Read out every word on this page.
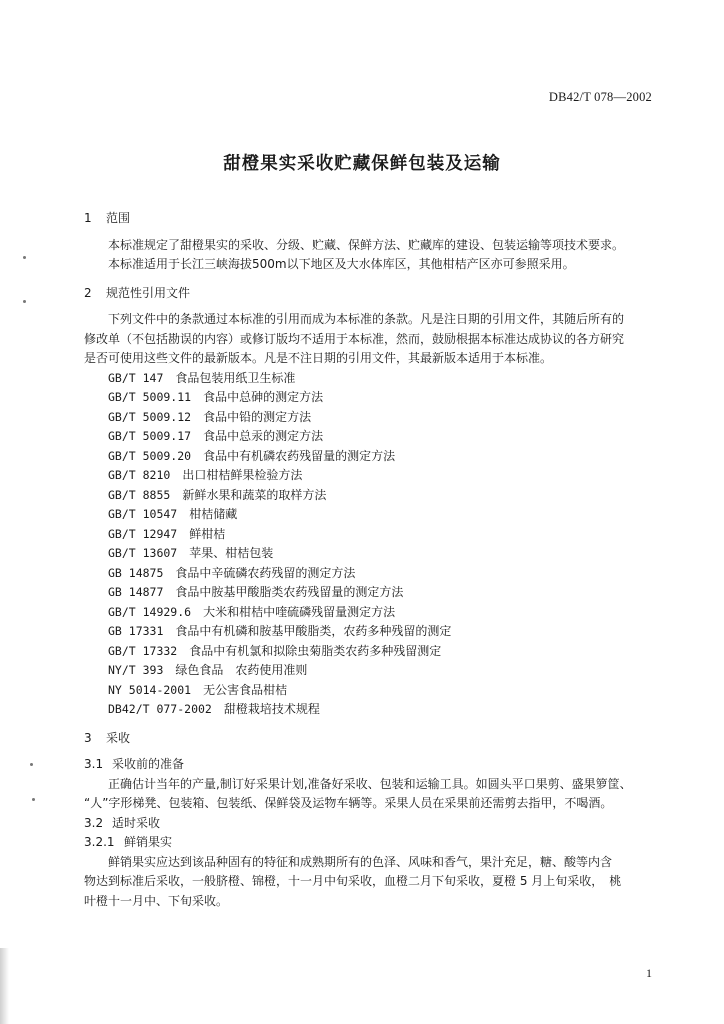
DB42/T 078—2002
甜橙果实采收贮藏保鲜包装及运输

1 范围

本标准规定了甜橙果实的采收、分级、贮藏、保鲜方法、贮藏库的建设、包装运输等项技术要求。

本标准适用于长江三峡海拔500m以下地区及大水体库区，其他柑桔产区亦可参照采用。

2 规范性引用文件

下列文件中的条款通过本标准的引用而成为本标准的条款。凡是注日期的引用文件，其随后所有的

修改单（不包括勘误的内容）或修订版均不适用于本标准，然而，鼓励根据本标准达成协议的各方研究

是否可使用这些文件的最新版本。凡是不注日期的引用文件，其最新版本适用于本标准。

GB/T 147　 食品包装用纸卫生标准
GB/T 5009.11　 食品中总砷的测定方法
GB/T 5009.12　 食品中铅的测定方法
GB/T 5009.17　 食品中总汞的测定方法
GB/T 5009.20　 食品中有机磷农药残留量的测定方法
GB/T 8210　 出口柑桔鲜果检验方法
GB/T 8855　 新鲜水果和蔬菜的取样方法
GB/T 10547　 柑桔储藏
GB/T 12947　 鲜柑桔
GB/T 13607　 苹果、柑桔包装
GB 14875　 食品中辛硫磷农药残留的测定方法
GB 14877　 食品中胺基甲酸脂类农药残留量的测定方法
GB/T 14929.6　 大米和柑桔中喹硫磷残留量测定方法
GB 17331　 食品中有机磷和胺基甲酸脂类，农药多种残留的测定
GB/T 17332　 食品中有机氯和拟除虫菊脂类农药多种残留测定
NY/T 393　 绿色食品　农药使用准则
NY 5014-2001　 无公害食品柑桔
DB42/T 077-2002　 甜橙栽培技术规程

3 采收

3.1 采收前的准备

正确估计当年的产量,制订好采果计划,准备好采收、包装和运输工具。如圆头平口果剪、盛果箩筐、

“人”字形梯凳、包装箱、包装纸、保鲜袋及运物车辆等。采果人员在采果前还需剪去指甲，不喝酒。

3.2 适时采收

3.2.1 鲜销果实

鲜销果实应达到该品种固有的特征和成熟期所有的色泽、风味和香气，果汁充足，糖、酸等内含

物达到标准后采收，一般脐橙、锦橙，十一月中旬采收，血橙二月下旬采收，夏橙 5 月上旬采收，　桃

叶橙十一月中、下旬采收。

1
